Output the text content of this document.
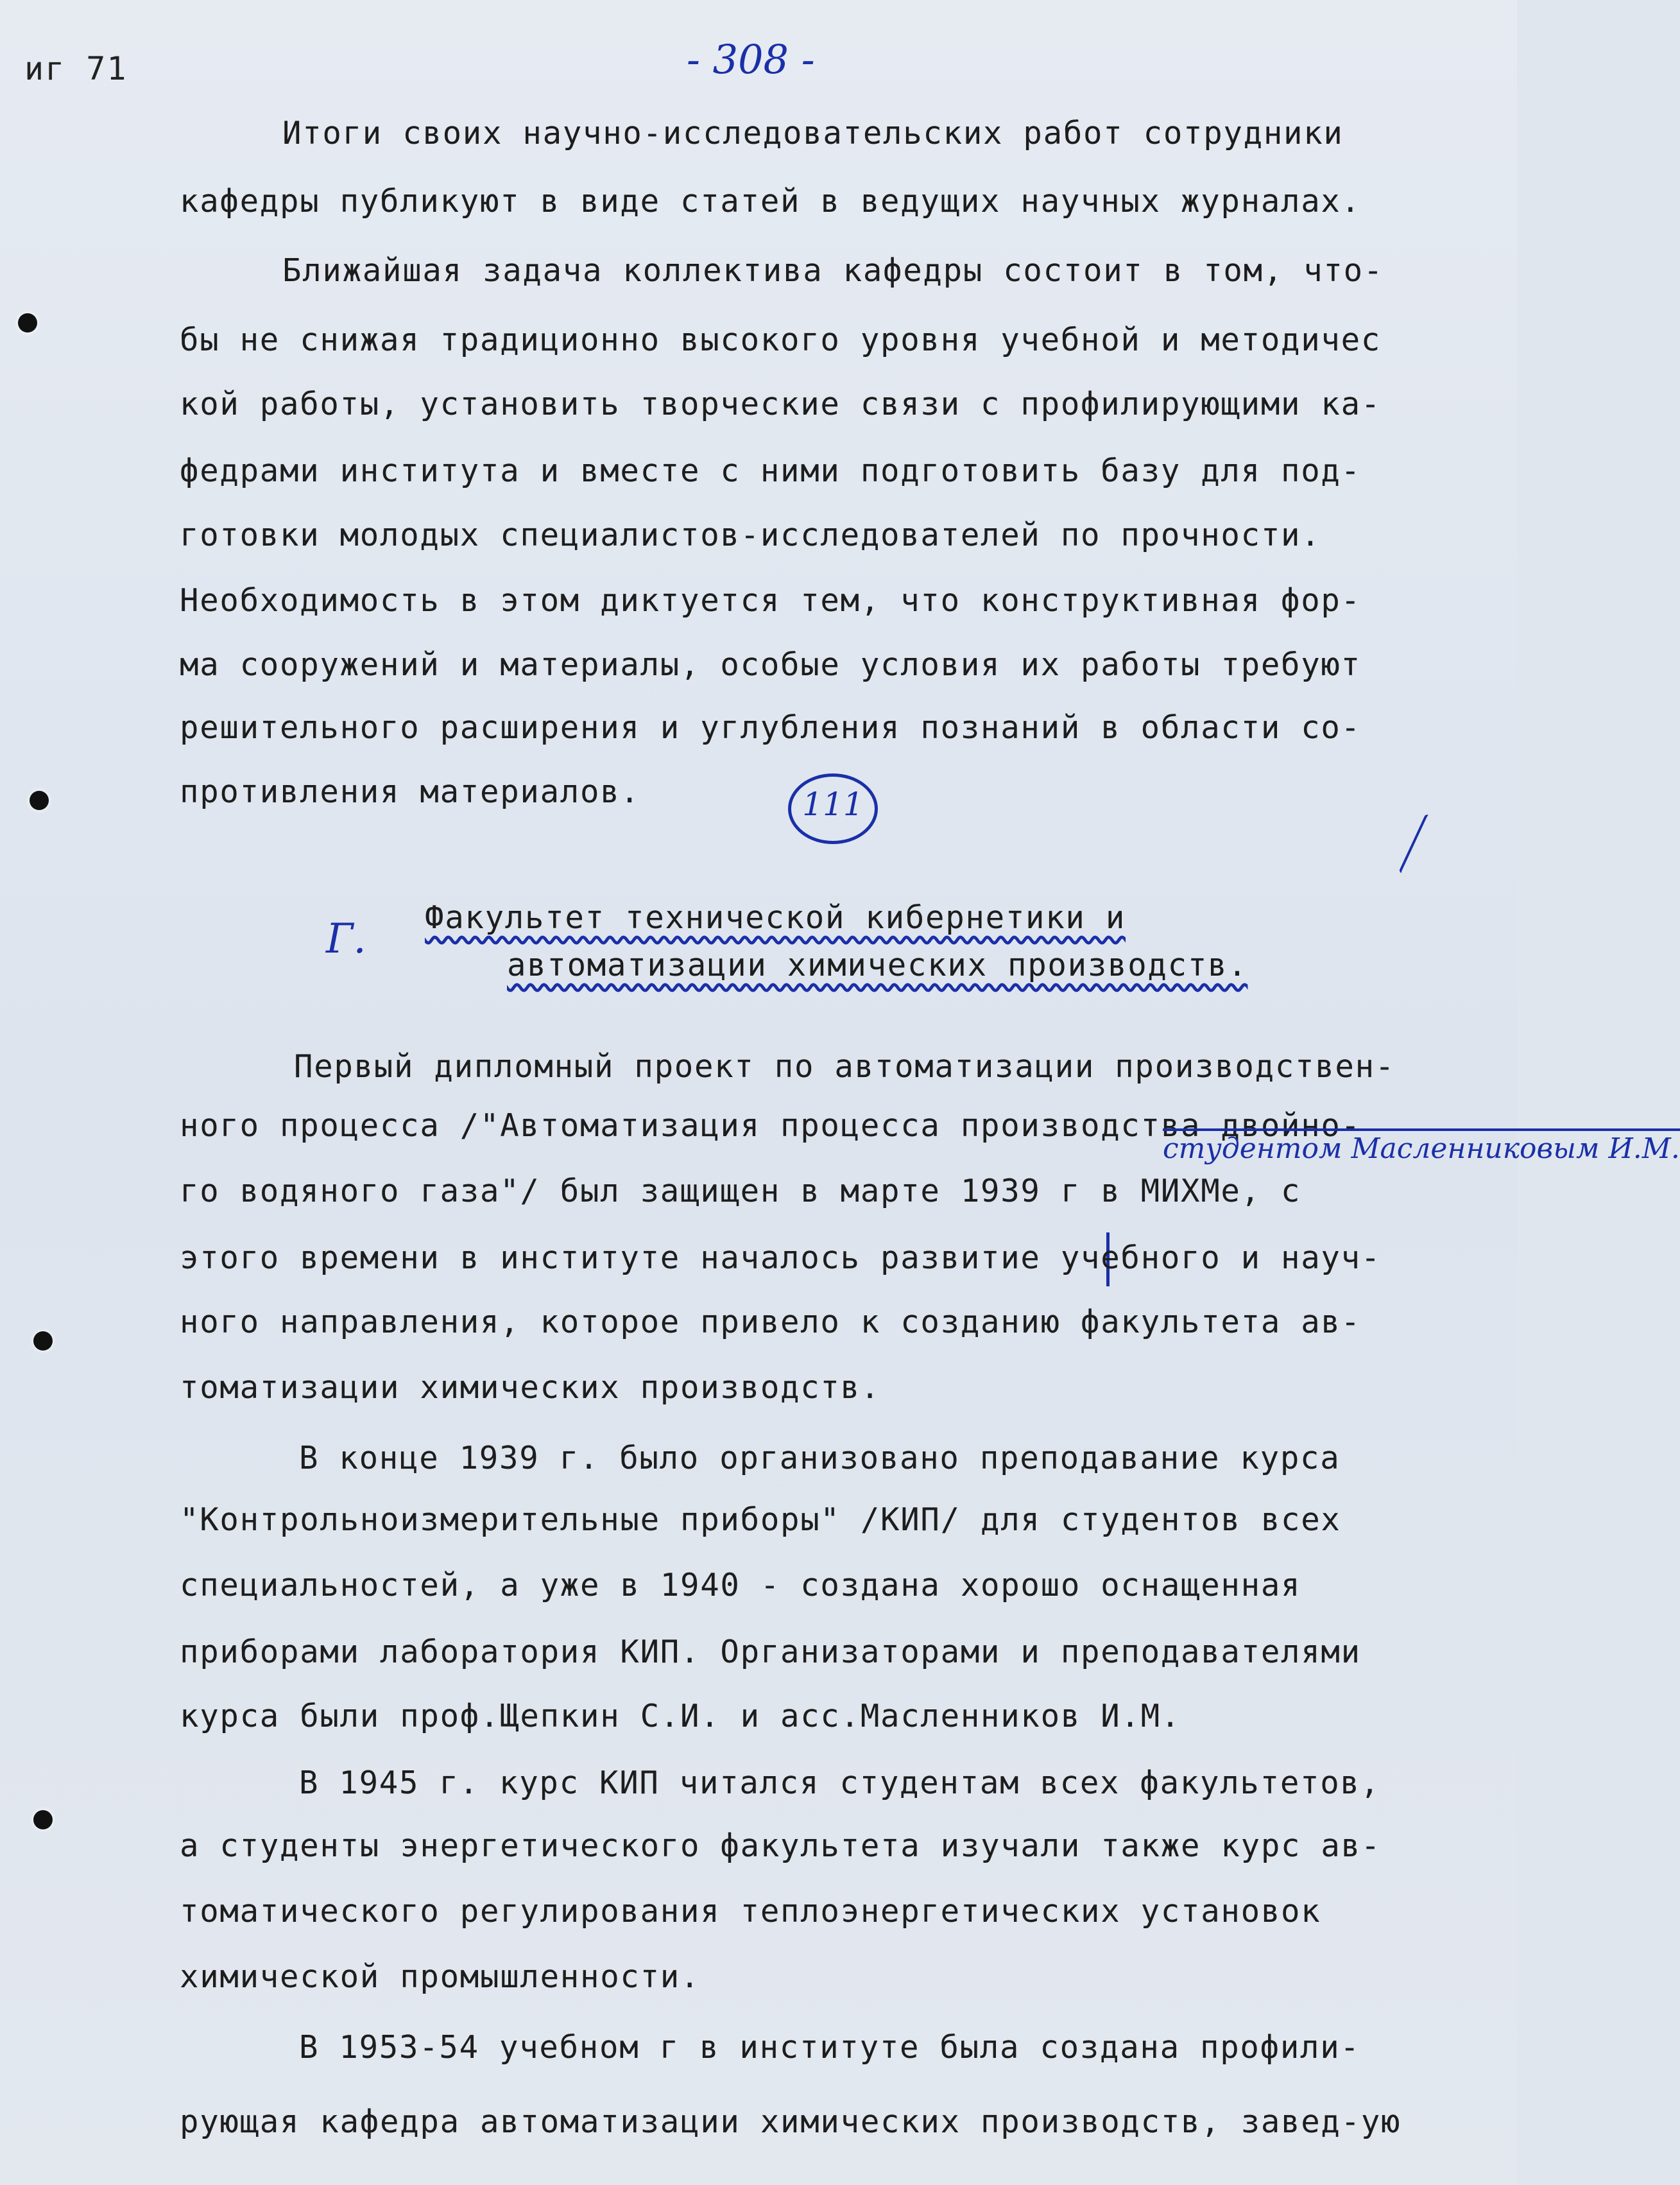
иг 71	- 308 -
Итоги своих научно-исследовательских работ сотрудники
кафедры публикуют в виде статей в ведущих научных журналах.
Ближайшая задача коллектива кафедры состоит в том, что-
бы не снижая традиционно высокого уровня учебной и методичес
кой работы, установить творческие связи с профилирующими ка-
федрами института и вместе с ними подготовить базу для под-
готовки молодых специалистов-исследователей по прочности.
Необходимость в этом диктуется тем, что конструктивная фор-
ма сооружений и материалы, особые условия их работы требуют
решительного расширения и углубления познаний в области со-
противления материалов.	111
Г. Факультет технической кибернетики и
автоматизации химических производств.
Первый дипломный проект по автоматизации производствен-
ного процесса /"Автоматизация процесса производства двойно-
студентом Масленниковым И.М.
го водяного газа"/ был защищен в марте 1939 г в МИХМе, с
этого времени в институте началось развитие учебного и науч-
ного направления, которое привело к созданию факультета ав-
томатизации химических производств.
В конце 1939 г. было организовано преподавание курса
"Контрольноизмерительные приборы" /КИП/ для студентов всех
специальностей, а уже в 1940 - создана хорошо оснащенная
приборами лаборатория КИП. Организаторами и преподавателями
курса были проф.Щепкин С.И. и асс.Масленников И.М.
В 1945 г. курс КИП читался студентам всех факультетов,
а студенты энергетического факультета изучали также курс ав-
томатического регулирования теплоэнергетических установок
химической промышленности.
В 1953-54 учебном г в институте была создана профили-
рующая кафедра автоматизации химических производств, завед-ую
